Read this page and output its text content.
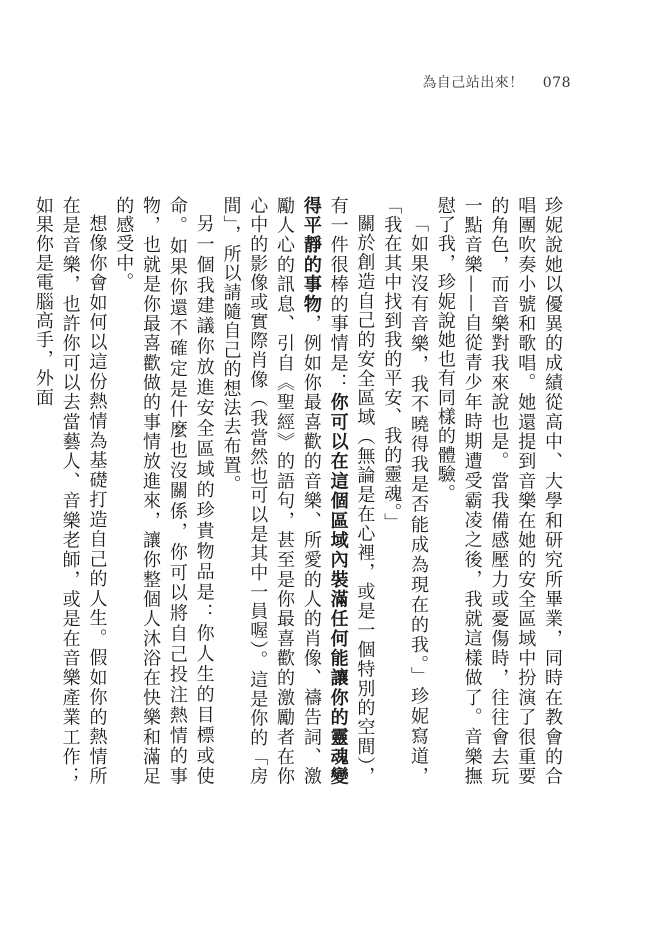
為自己站出來！ 078

珍妮說她以優異的成績從高中、大學和研究所畢業，同時在教會的合唱團吹奏小號和歌唱。她還提到音樂在她的安全區域中扮演了很重要的角色，而音樂對我來說也是。當我備感壓力或憂傷時，往往會去玩一點音樂——自從青少年時期遭受霸凌之後，我就這樣做了。音樂撫慰了我，珍妮說她也有同樣的體驗。

「如果沒有音樂，我不曉得我是否能成為現在的我。」珍妮寫道，「我在其中找到我的平安、我的靈魂。」

關於創造自己的安全區域（無論是在心裡，或是一個特別的空間），有一件很棒的事情是：你可以在這個區域內裝滿任何能讓你的靈魂變得平靜的事物，例如你最喜歡的音樂、所愛的人的肖像、禱告詞、激勵人心的訊息、引自《聖經》的語句，甚至是你最喜歡的激勵者在你心中的影像或實際肖像（我當然也可以是其中一員喔）。這是你的「房間」，所以請隨自己的想法去布置。

另一個我建議你放進安全區域的珍貴物品是：你人生的目標或使命。如果你還不確定是什麼也沒關係，你可以將自己投注熱情的事物，也就是你最喜歡做的事情放進來，讓你整個人沐浴在快樂和滿足的感受中。

想像你會如何以這份熱情為基礎打造自己的人生。假如你的熱情所在是音樂，也許你可以去當藝人、音樂老師，或是在音樂產業工作；如果你是電腦高手，外面
